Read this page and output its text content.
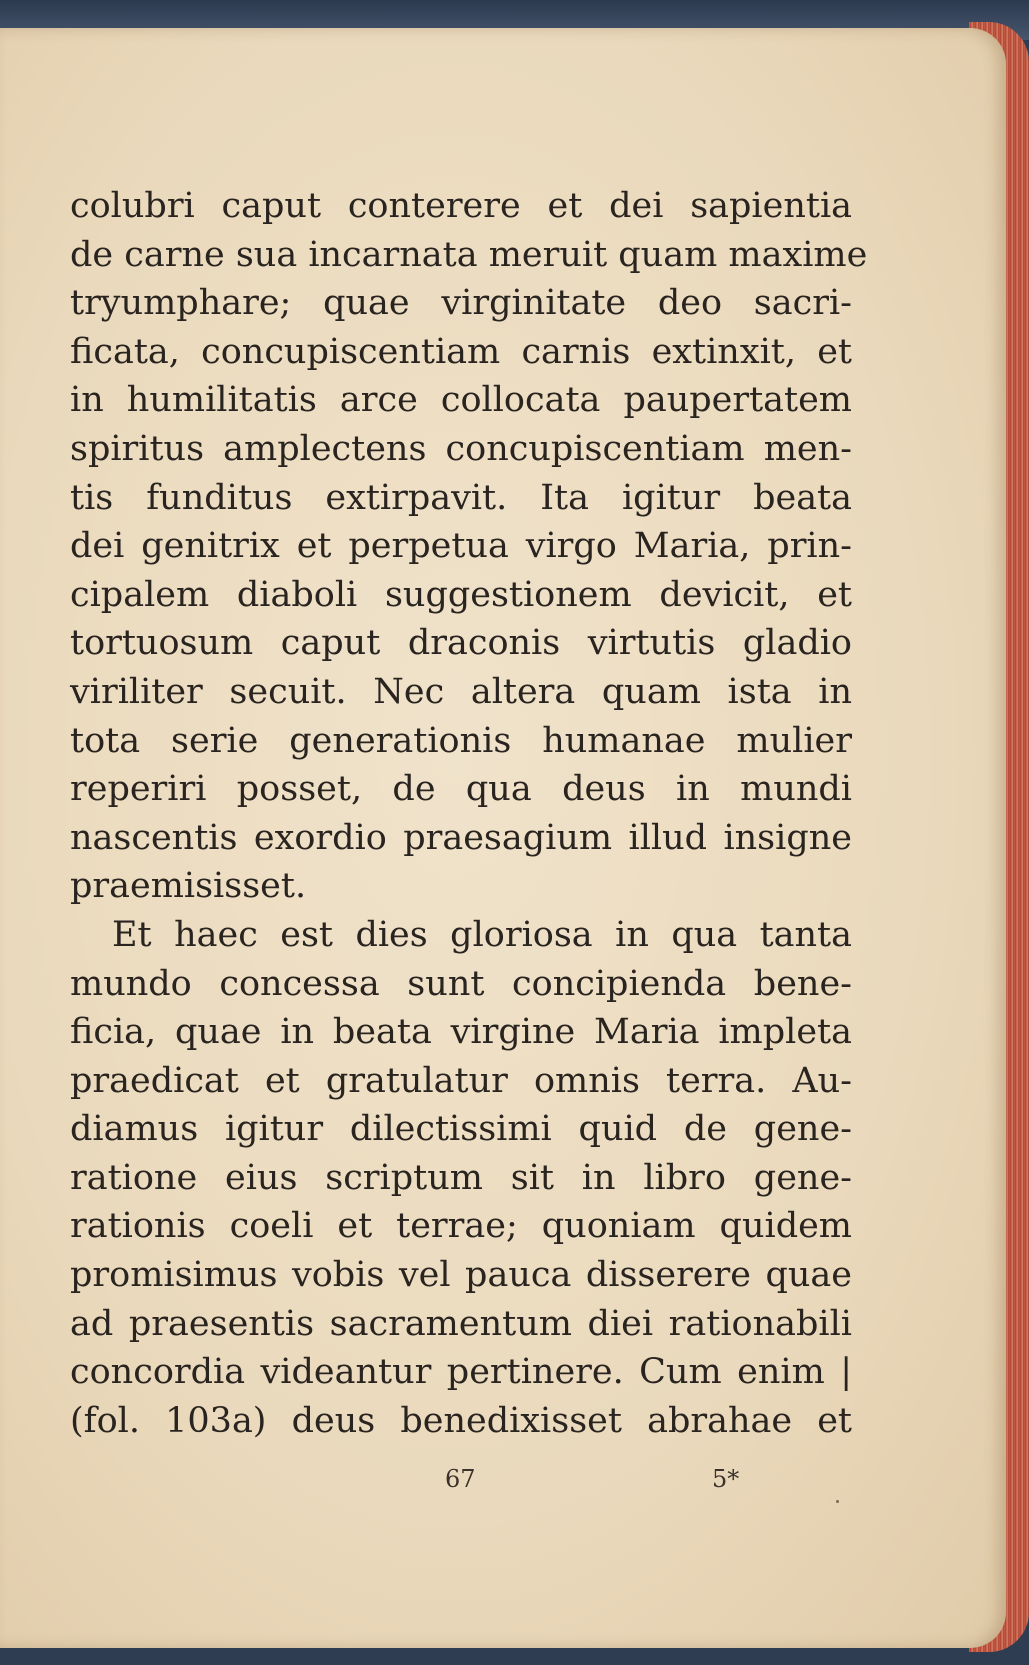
colubri caput conterere et dei sapientia
de carne sua incarnata meruit quam maxime
tryumphare; quae virginitate deo sacri-
ficata, concupiscentiam carnis extinxit, et
in humilitatis arce collocata paupertatem
spiritus amplectens concupiscentiam men-
tis funditus extirpavit. Ita igitur beata
dei genitrix et perpetua virgo Maria, prin-
cipalem diaboli suggestionem devicit, et
tortuosum caput draconis virtutis gladio
viriliter secuit. Nec altera quam ista in
tota serie generationis humanae mulier
reperiri posset, de qua deus in mundi
nascentis exordio praesagium illud insigne
praemisisset.
Et haec est dies gloriosa in qua tanta
mundo concessa sunt concipienda bene-
ficia, quae in beata virgine Maria impleta
praedicat et gratulatur omnis terra. Au-
diamus igitur dilectissimi quid de gene-
ratione eius scriptum sit in libro gene-
rationis coeli et terrae; quoniam quidem
promisimus vobis vel pauca disserere quae
ad praesentis sacramentum diei rationabili
concordia videantur pertinere. Cum enim |
(fol. 103a) deus benedixisset abrahae et
67	5*
